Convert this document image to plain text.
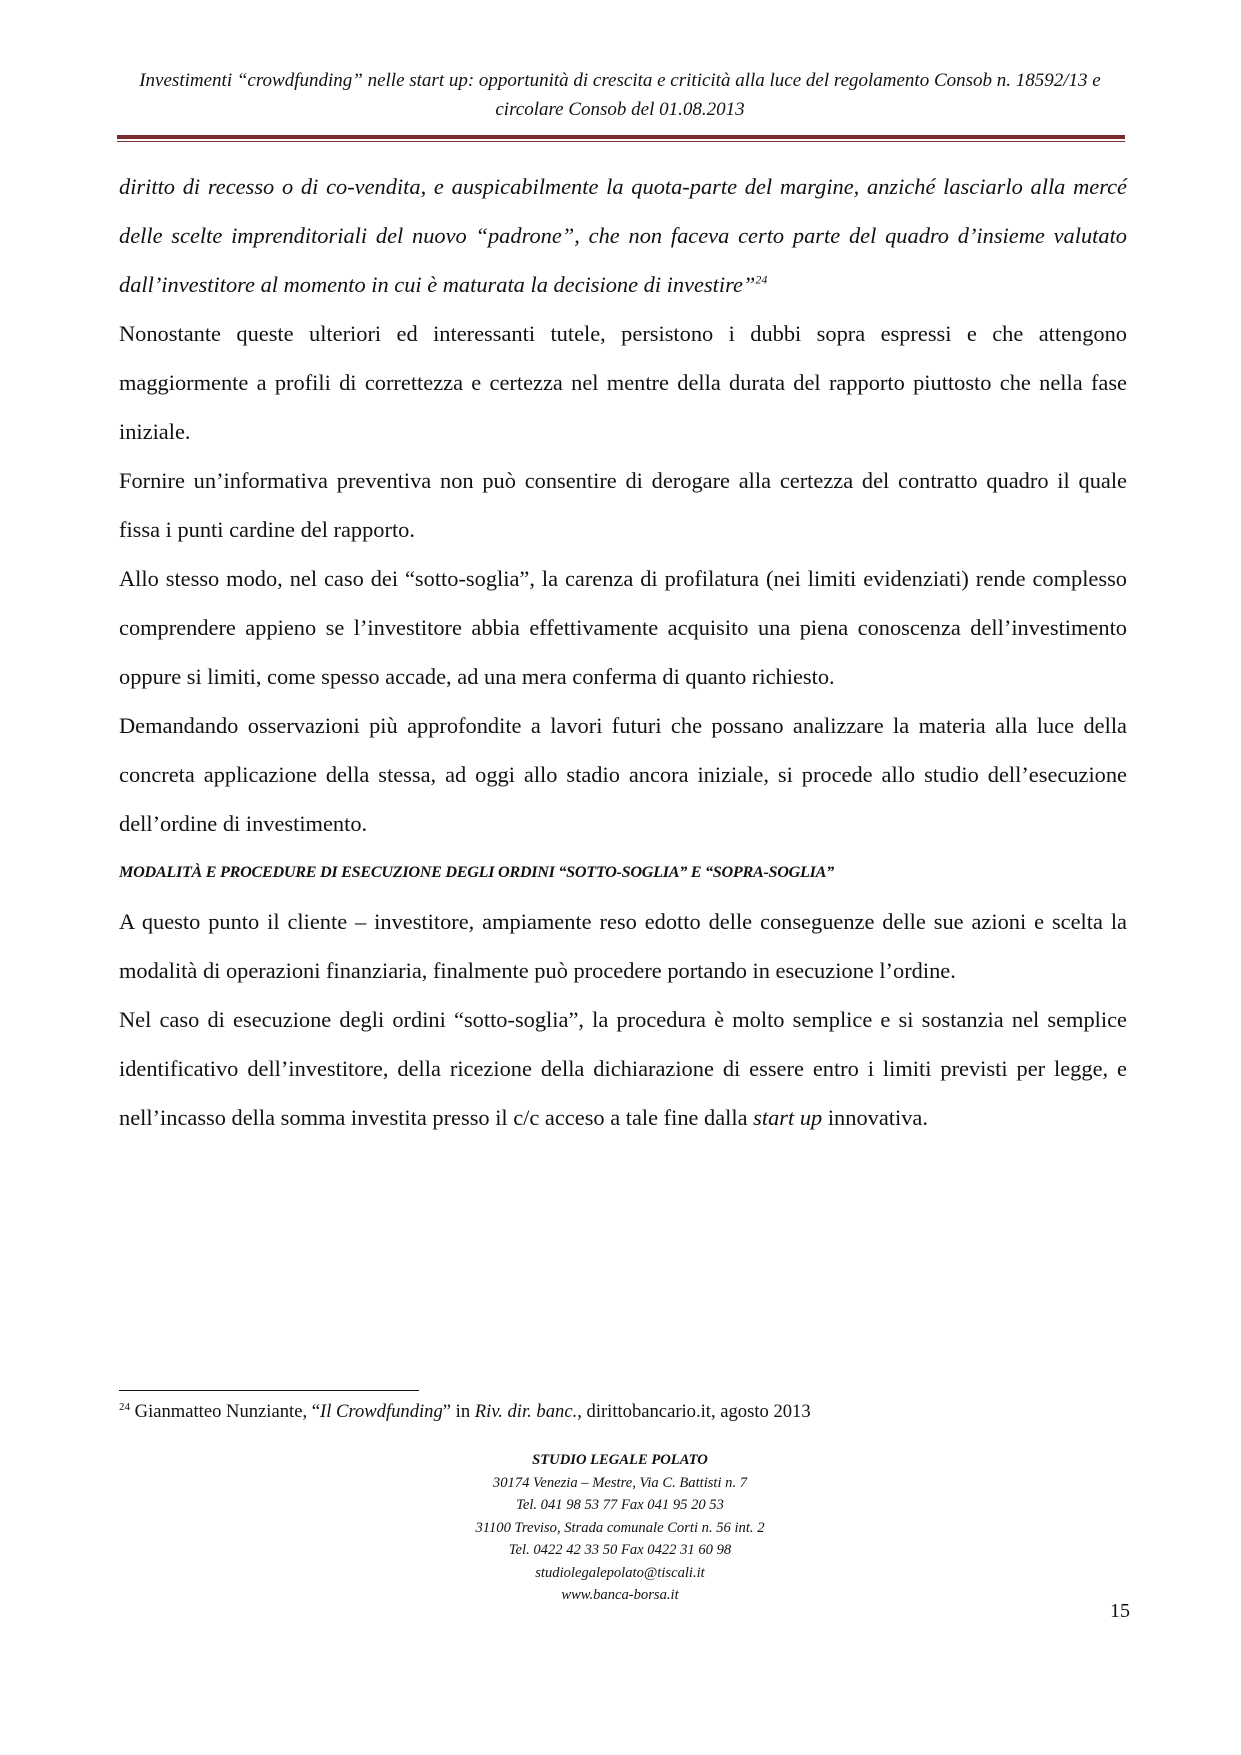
Investimenti “crowdfunding” nelle start up: opportunità di crescita e criticità alla luce del regolamento Consob n. 18592/13 e circolare Consob del 01.08.2013

diritto di recesso o di co-vendita, e auspicabilmente la quota-parte del margine, anziché lasciarlo alla mercé delle scelte imprenditoriali del nuovo “padrone”, che non faceva certo parte del quadro d’insieme valutato dall’investitore al momento in cui è maturata la decisione di investire”$^{24}$

Nonostante queste ulteriori ed interessanti tutele, persistono i dubbi sopra espressi e che attengono maggiormente a profili di correttezza e certezza nel mentre della durata del rapporto piuttosto che nella fase iniziale.

Fornire un’informativa preventiva non può consentire di derogare alla certezza del contratto quadro il quale fissa i punti cardine del rapporto.

Allo stesso modo, nel caso dei “sotto-soglia”, la carenza di profilatura (nei limiti evidenziati) rende complesso comprendere appieno se l’investitore abbia effettivamente acquisito una piena conoscenza dell’investimento oppure si limiti, come spesso accade, ad una mera conferma di quanto richiesto.

Demandando osservazioni più approfondite a lavori futuri che possano analizzare la materia alla luce della concreta applicazione della stessa, ad oggi allo stadio ancora iniziale, si procede allo studio dell’esecuzione dell’ordine di investimento.

MODALITÀ E PROCEDURE DI ESECUZIONE DEGLI ORDINI “SOTTO-SOGLIA” E “SOPRA-SOGLIA”

A questo punto il cliente – investitore, ampiamente reso edotto delle conseguenze delle sue azioni e scelta la modalità di operazioni finanziaria, finalmente può procedere portando in esecuzione l’ordine.

Nel caso di esecuzione degli ordini “sotto-soglia”, la procedura è molto semplice e si sostanzia nel semplice identificativo dell’investitore, della ricezione della dichiarazione di essere entro i limiti previsti per legge, e nell’incasso della somma investita presso il c/c acceso a tale fine dalla start up innovativa.

$^{24}$ Gianmatteo Nunziante, “Il Crowdfunding” in Riv. dir. banc., dirittobancario.it, agosto 2013

STUDIO LEGALE POLATO
30174 Venezia – Mestre, Via C. Battisti n. 7
Tel. 041 98 53 77 Fax 041 95 20 53
31100 Treviso, Strada comunale Corti n. 56 int. 2
Tel. 0422 42 33 50 Fax 0422 31 60 98
studiolegalepolato@tiscali.it
www.banca-borsa.it
15
